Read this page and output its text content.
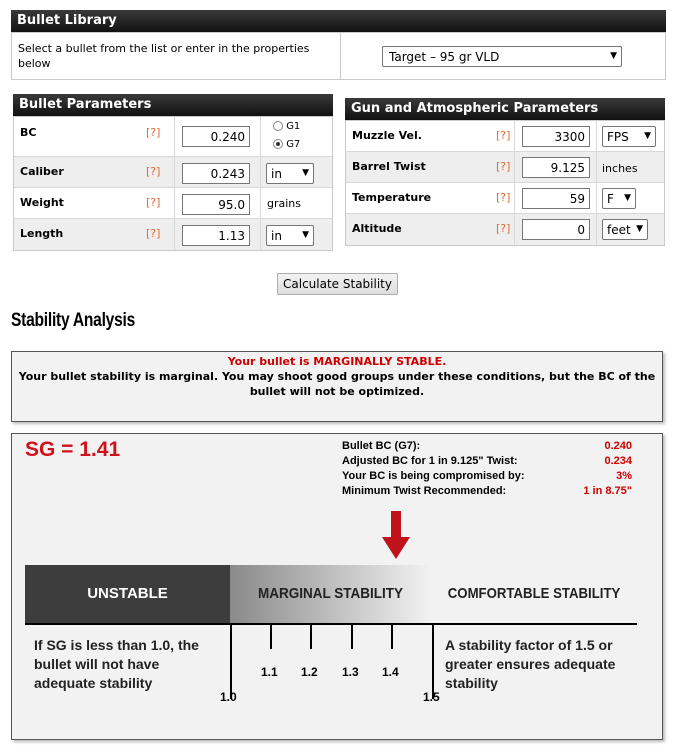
Bullet Library
Select a bullet from the list or enter in the properties below	Target – 95 gr VLD	▼
Bullet Parameters
BC	[?]	0.240
G1
G7
Caliber	[?]	0.243	in ▼
Weight	[?]	95.0	grains
Length	[?]	1.13	in ▼
Gun and Atmospheric Parameters
Muzzle Vel.	[?]	3300	FPS ▼
Barrel Twist	[?]	9.125	inches
Temperature	[?]	59	F ▼
Altitude	[?]	0	feet ▼
Calculate Stability
Stability Analysis
Your bullet is MARGINALLY STABLE.
Your bullet stability is marginal. You may shoot good groups under these conditions, but the BC of the bullet will not be optimized.
SG = 1.41	Bullet BC (G7):	0.240
Adjusted BC for 1 in 9.125" Twist:	0.234
Your BC is being compromised by:	3%
Minimum Twist Recommended:	1 in 8.75"
UNSTABLE	MARGINAL STABILITY	COMFORTABLE STABILITY
1.0
1.1 1.2 1.3 1.4
1.5
If SG is less than 1.0, the bullet will not have adequate stability
A stability factor of 1.5 or greater ensures adequate stability
